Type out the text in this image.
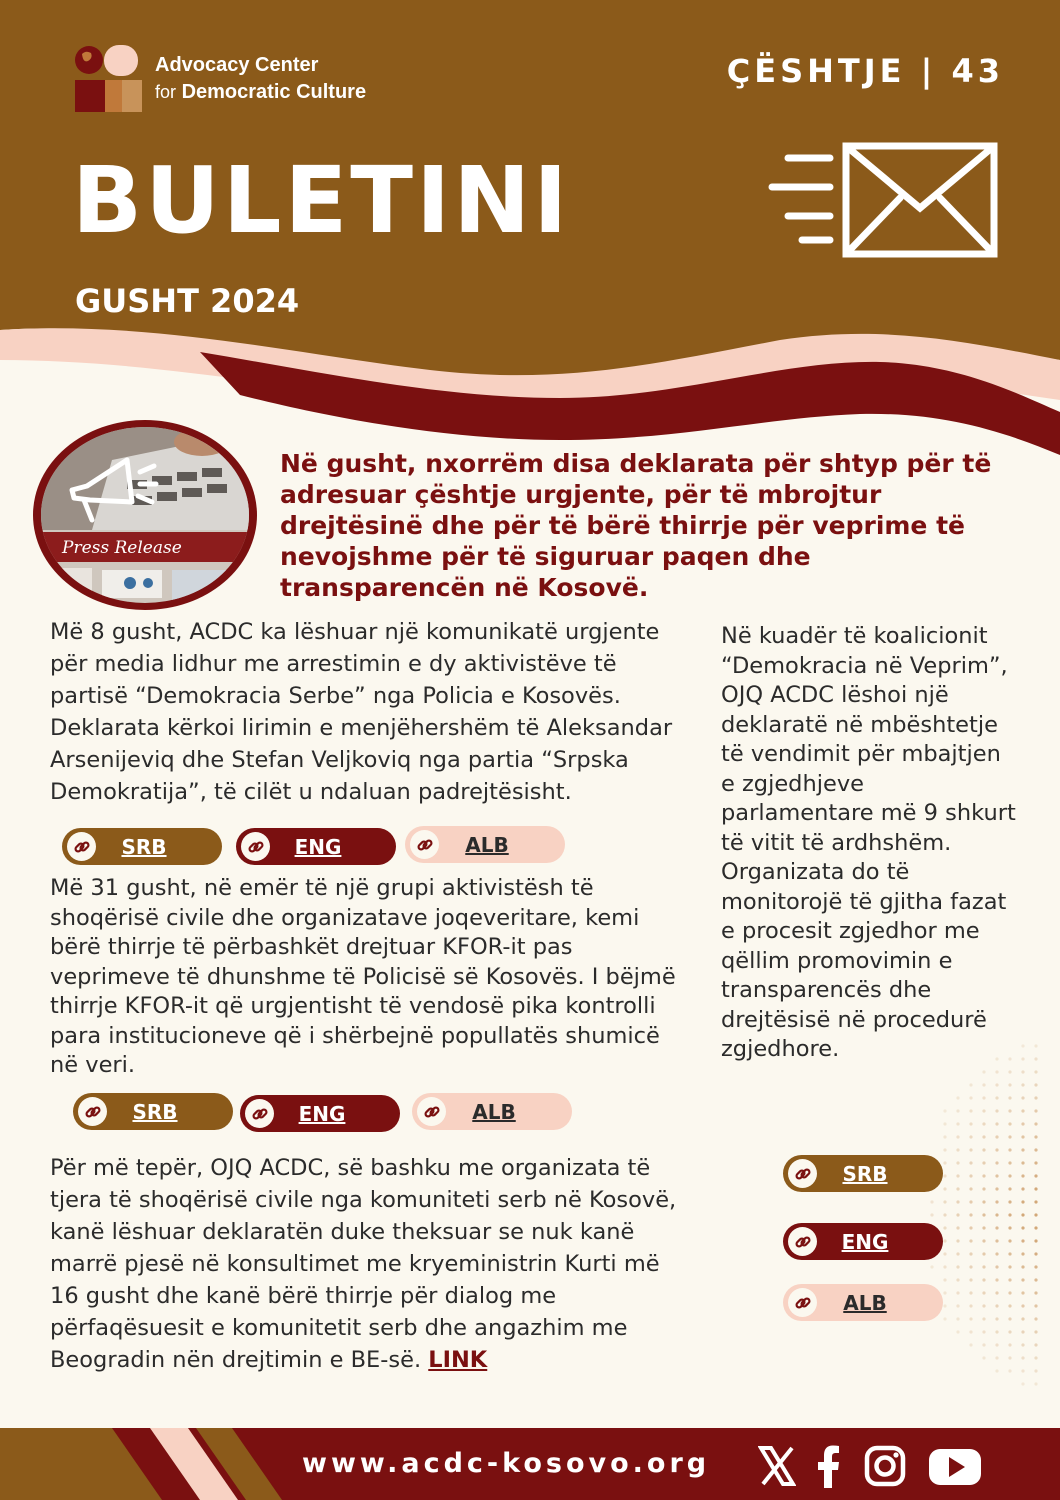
Advocacy Center
for Democratic Culture
ÇËSHTJE | 43
BULETINI
GUSHT 2024
Press Release
Në gusht, nxorrëm disa deklarata për shtyp për të adresuar çështje urgjente, për të mbrojtur drejtësinë dhe për të bërë thirrje për veprime të nevojshme për të siguruar paqen dhe transparencën në Kosovë.
Më 8 gusht, ACDC ka lëshuar një komunikatë urgjente për media lidhur me arrestimin e dy aktivistëve të partisë “Demokracia Serbe” nga Policia e Kosovës. Deklarata kërkoi lirimin e menjëhershëm të Aleksandar Arsenijeviq dhe Stefan Veljkoviq nga partia “Srpska Demokratija”, të cilët u ndaluan padrejtësisht.
SRB	ENG	ALB
Më 31 gusht, në emër të një grupi aktivistësh të shoqërisë civile dhe organizatave joqeveritare, kemi bërë thirrje të përbashkët drejtuar KFOR-it pas veprimeve të dhunshme të Policisë së Kosovës. I bëjmë thirrje KFOR-it që urgjentisht të vendosë pika kontrolli para institucioneve që i shërbejnë popullatës shumicë në veri.
SRB	ENG	ALB
Për më tepër, OJQ ACDC, së bashku me organizata të tjera të shoqërisë civile nga komuniteti serb në Kosovë, kanë lëshuar deklaratën duke theksuar se nuk kanë marrë pjesë në konsultimet me kryeministrin Kurti më 16 gusht dhe kanë bërë thirrje për dialog me përfaqësuesit e komunitetit serb dhe angazhim me Beogradin nën drejtimin e BE-së. LINK
Në kuadër të koalicionit “Demokracia në Veprim”, OJQ ACDC lëshoi një deklaratë në mbështetje të vendimit për mbajtjen e zgjedhjeve parlamentare më 9 shkurt të vitit të ardhshëm. Organizata do të monitorojë të gjitha fazat e procesit zgjedhor me qëllim promovimin e transparencës dhe drejtësisë në procedurë zgjedhore.
SRB
ENG
ALB
www.acdc-kosovo.org
